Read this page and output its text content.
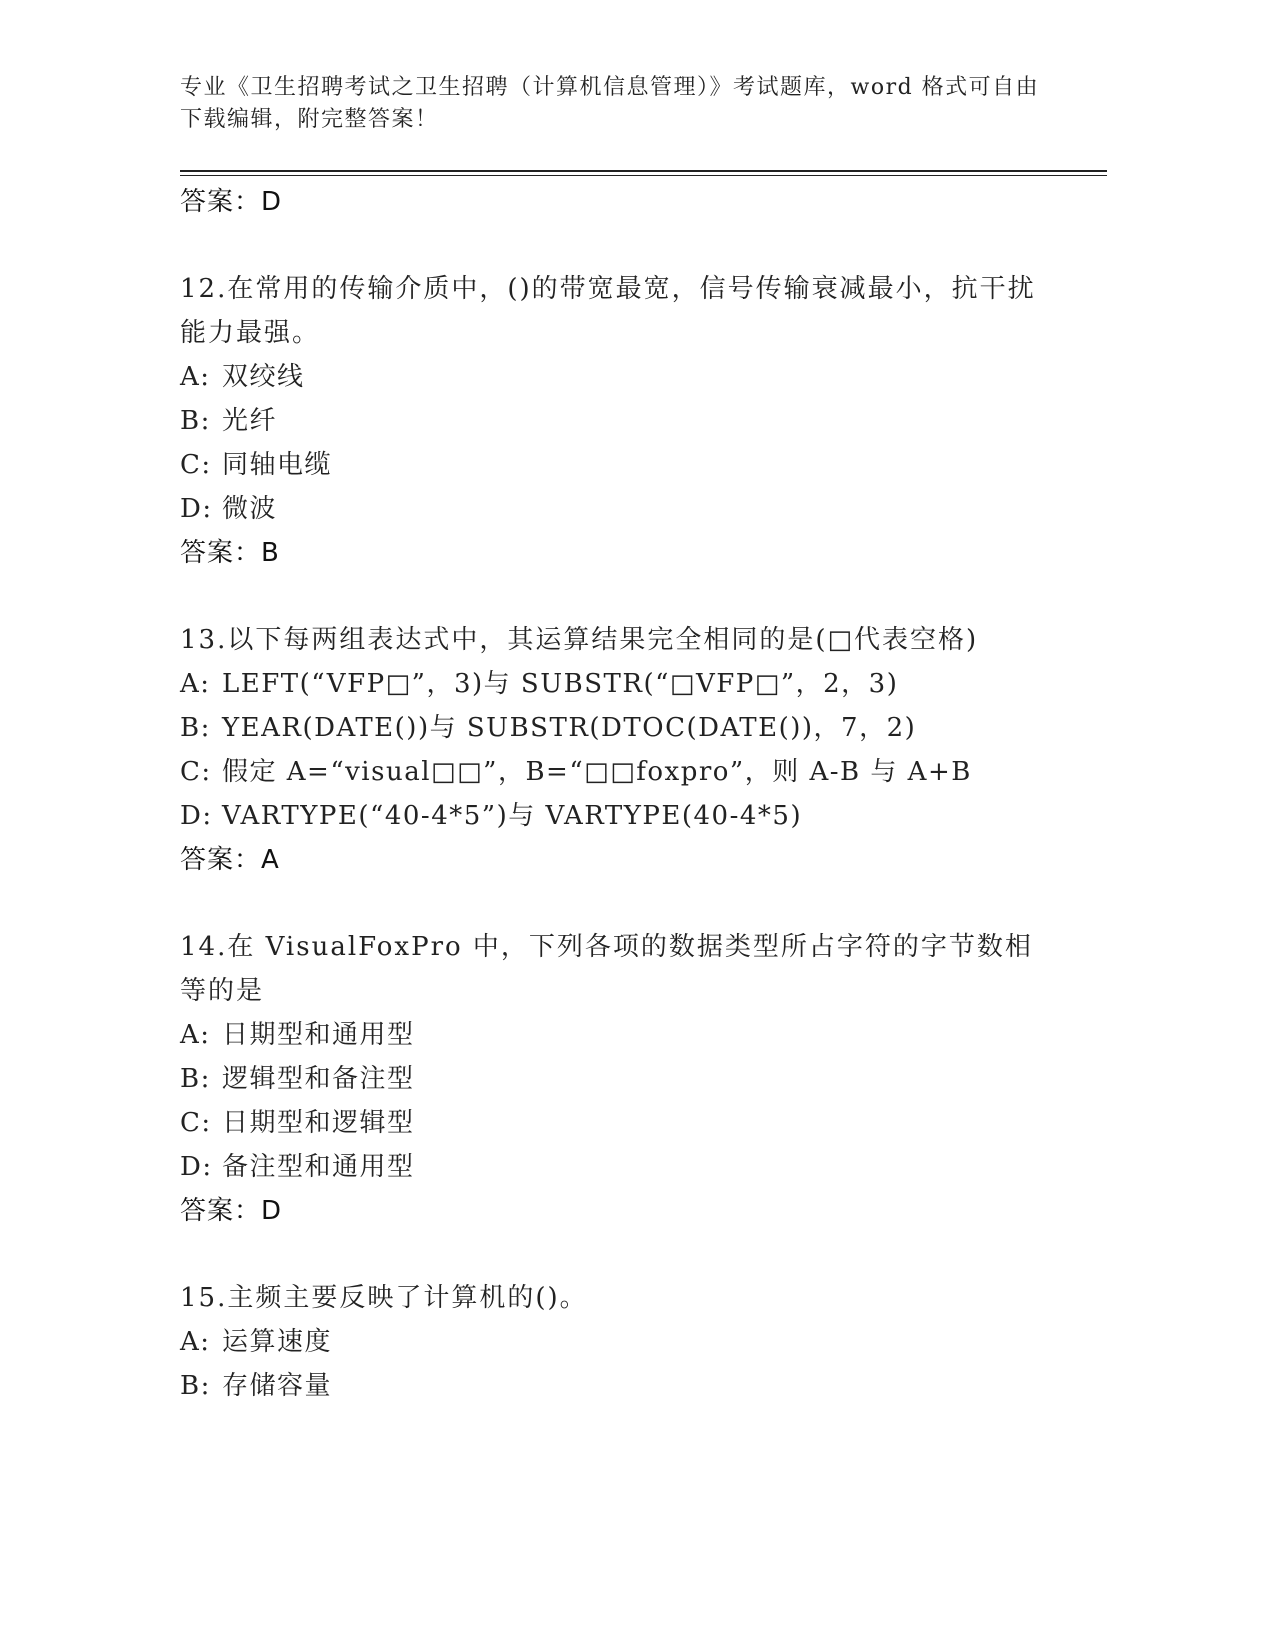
专业《卫生招聘考试之卫生招聘（计算机信息管理）》考试题库，word 格式可自由下载编辑，附完整答案！
答案：D
12.在常用的传输介质中，()的带宽最宽，信号传输衰减最小，抗干扰能力最强。
A: 双绞线
B: 光纤
C: 同轴电缆
D: 微波
答案：B
13.以下每两组表达式中，其运算结果完全相同的是(□代表空格)
A: LEFT(“VFP□”，3)与 SUBSTR(“□VFP□”，2，3)
B: YEAR(DATE())与 SUBSTR(DTOC(DATE())，7，2)
C: 假定 A=“visual□□”，B=“□□foxpro”，则 A-B 与 A+B
D: VARTYPE(“40-4*5”)与 VARTYPE(40-4*5)
答案：A
14.在 VisualFoxPro 中，下列各项的数据类型所占字符的字节数相等的是
A: 日期型和通用型
B: 逻辑型和备注型
C: 日期型和逻辑型
D: 备注型和通用型
答案：D
15.主频主要反映了计算机的()。
A: 运算速度
B: 存储容量
